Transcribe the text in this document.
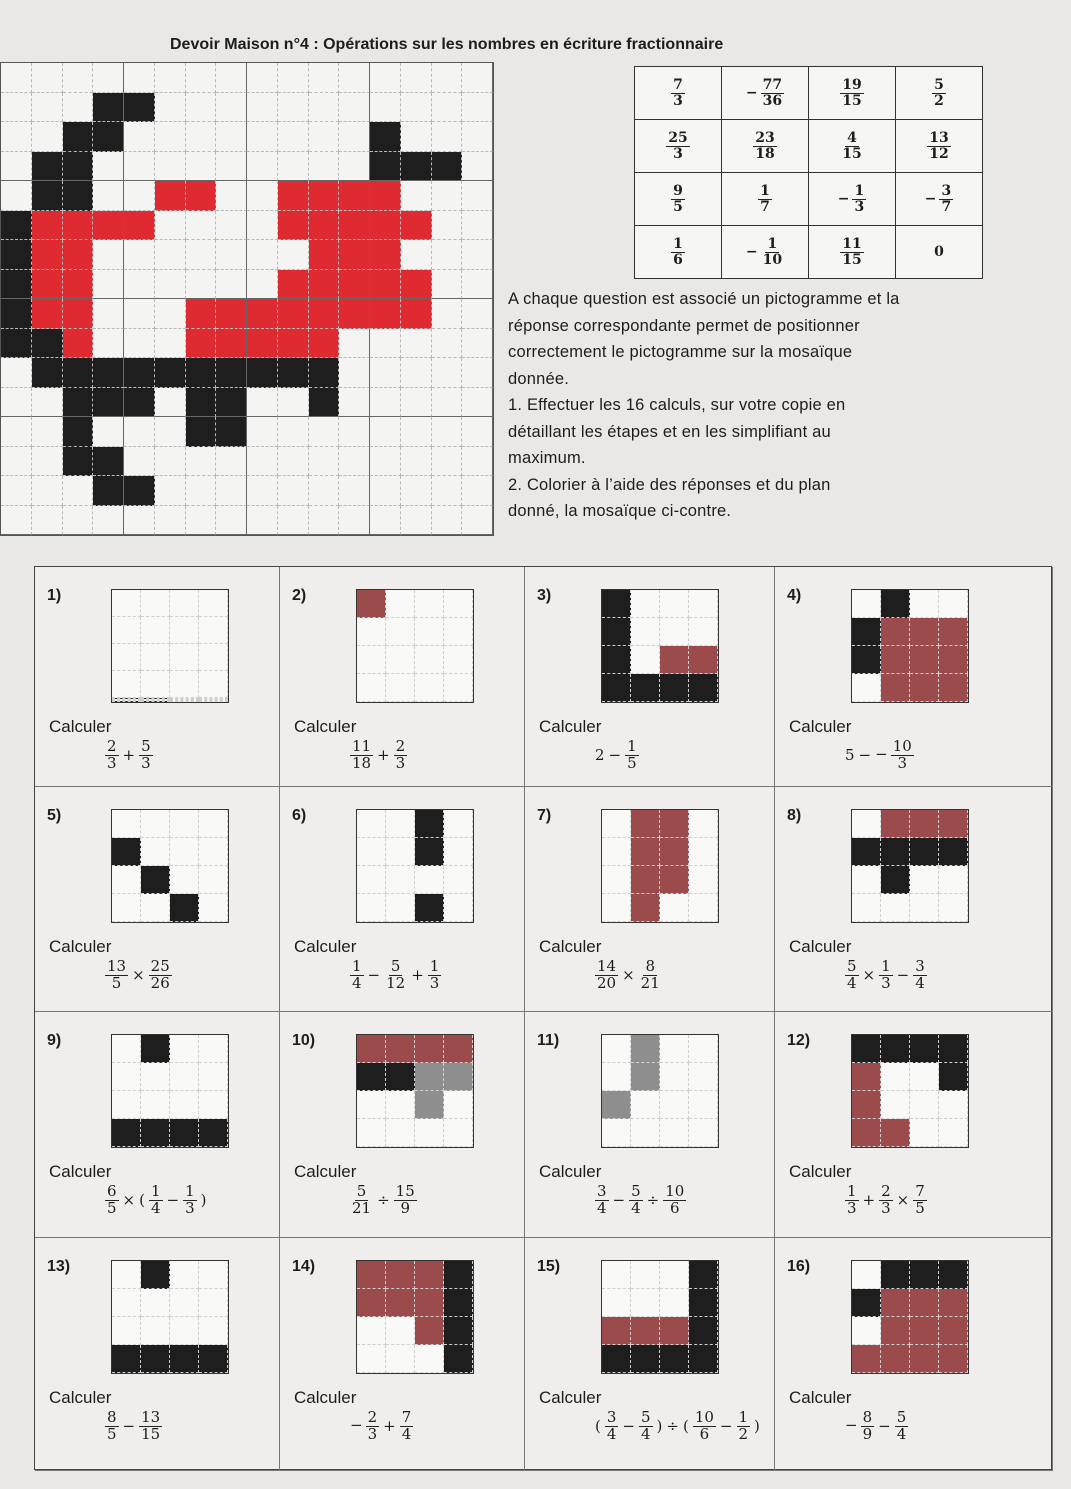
Devoir Maison n°4 : Opérations sur les nombres en écriture fractionnaire
$\frac{7}{3}$	− $\frac{77}{36}$	$\frac{19}{15}$	$\frac{5}{2}$

$\frac{25}{3}$	$\frac{23}{18}$	$\frac{4}{15}$	$\frac{13}{12}$

$\frac{9}{5}$	$\frac{1}{7}$	− $\frac{1}{3}$	− $\frac{3}{7}$

$\frac{1}{6}$	− $\frac{1}{10}$	$\frac{11}{15}$	0

A chaque question est associé un pictogramme et la

réponse correspondante permet de positionner

correctement le pictogramme sur la mosaïque

donnée.

1. Effectuer les 16 calculs, sur votre copie en

détaillant les étapes et en les simplifiant au

maximum.

2. Colorier à l’aide des réponses et du plan

donné, la mosaïque ci-contre.

1)
Calculer
$\frac{2}{3} + \frac{5}{3}$
2)
Calculer
$\frac{11}{18} + \frac{2}{3}$
3)
Calculer
$2 - \frac{1}{5}$
4)
Calculer
5 − − $\frac{10}{3}$
5)
Calculer
$\frac{13}{5} \times \frac{25}{26}$
6)
Calculer
$\frac{1}{4} - \frac{5}{12} + \frac{1}{3}$
7)
Calculer
$\frac{14}{20} \times \frac{8}{21}$
8)
Calculer
$\frac{5}{4} \times \frac{1}{3} - \frac{3}{4}$
9)
Calculer
$\frac{6}{5}$ × ( $\frac{1}{4} - \frac{1}{3}$ )
10)
Calculer
$\frac{5}{21} \div \frac{15}{9}$
11)
Calculer
$\frac{3}{4} - \frac{5}{4} \div \frac{10}{6}$
12)
Calculer
$\frac{1}{3} + \frac{2}{3} \times \frac{7}{5}$
13)
Calculer
$\frac{8}{5} - \frac{13}{15}$
14)
Calculer
− $\frac{2}{3} + \frac{7}{4}$
15)
Calculer
( $\frac{3}{4} - \frac{5}{4}$ ) ÷ ( $\frac{10}{6} - \frac{1}{2}$ )
16)
Calculer
− $\frac{8}{9} - \frac{5}{4}$
